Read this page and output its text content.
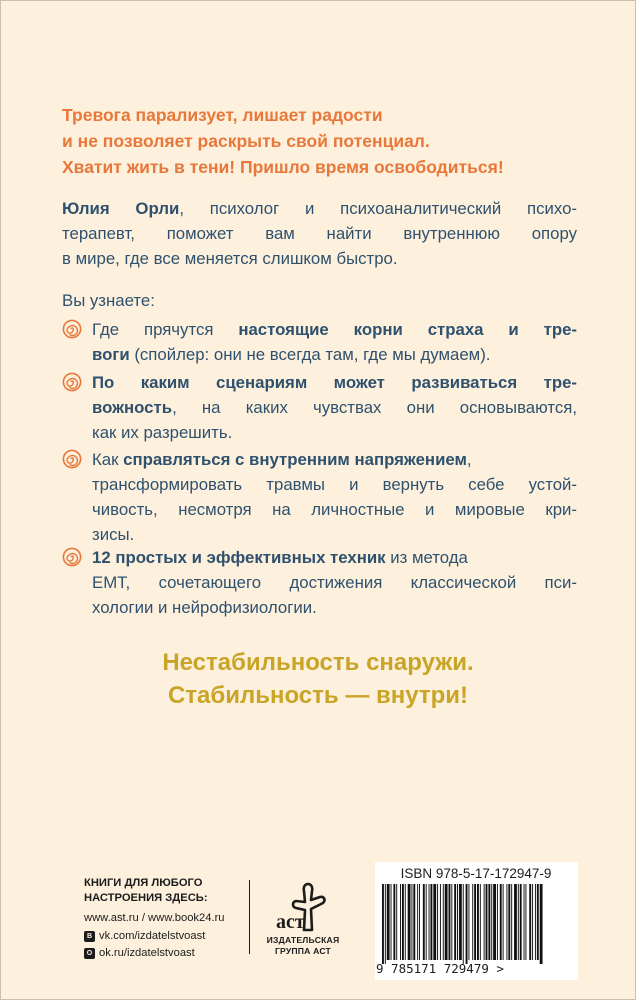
Тревога парализует, лишает радости
и не позволяет раскрыть свой потенциал.
Хватит жить в тени! Пришло время освободиться!
Юлия Орли, психолог и психоаналитический психо-
терапевт, поможет вам найти внутреннюю опору
в мире, где все меняется слишком быстро.
Вы узнаете:
Где прячутся настоящие корни страха и тре-
воги (спойлер: они не всегда там, где мы думаем).
По каким сценариям может развиваться тре-
вожность, на каких чувствах они основываются,
как их разрешить.
Как справляться с внутренним напряжением,
трансформировать травмы и вернуть себе устой-
чивость, несмотря на личностные и мировые кри-
зисы.
12 простых и эффективных техник из метода
ЕМТ, сочетающего достижения классической пси-
хологии и нейрофизиологии.
Нестабильность снаружи.
Стабильность — внутри!
КНИГИ ДЛЯ ЛЮБОГО
НАСТРОЕНИЯ ЗДЕСЬ:
www.ast.ru / www.book24.ru
В vk.com/izdatelstvoast
О ok.ru/izdatelstvoast
аст
ИЗДАТЕЛЬСКАЯ
ГРУППА АСТ
ISBN 978-5-17-172947-9
9 785171 729479 >
